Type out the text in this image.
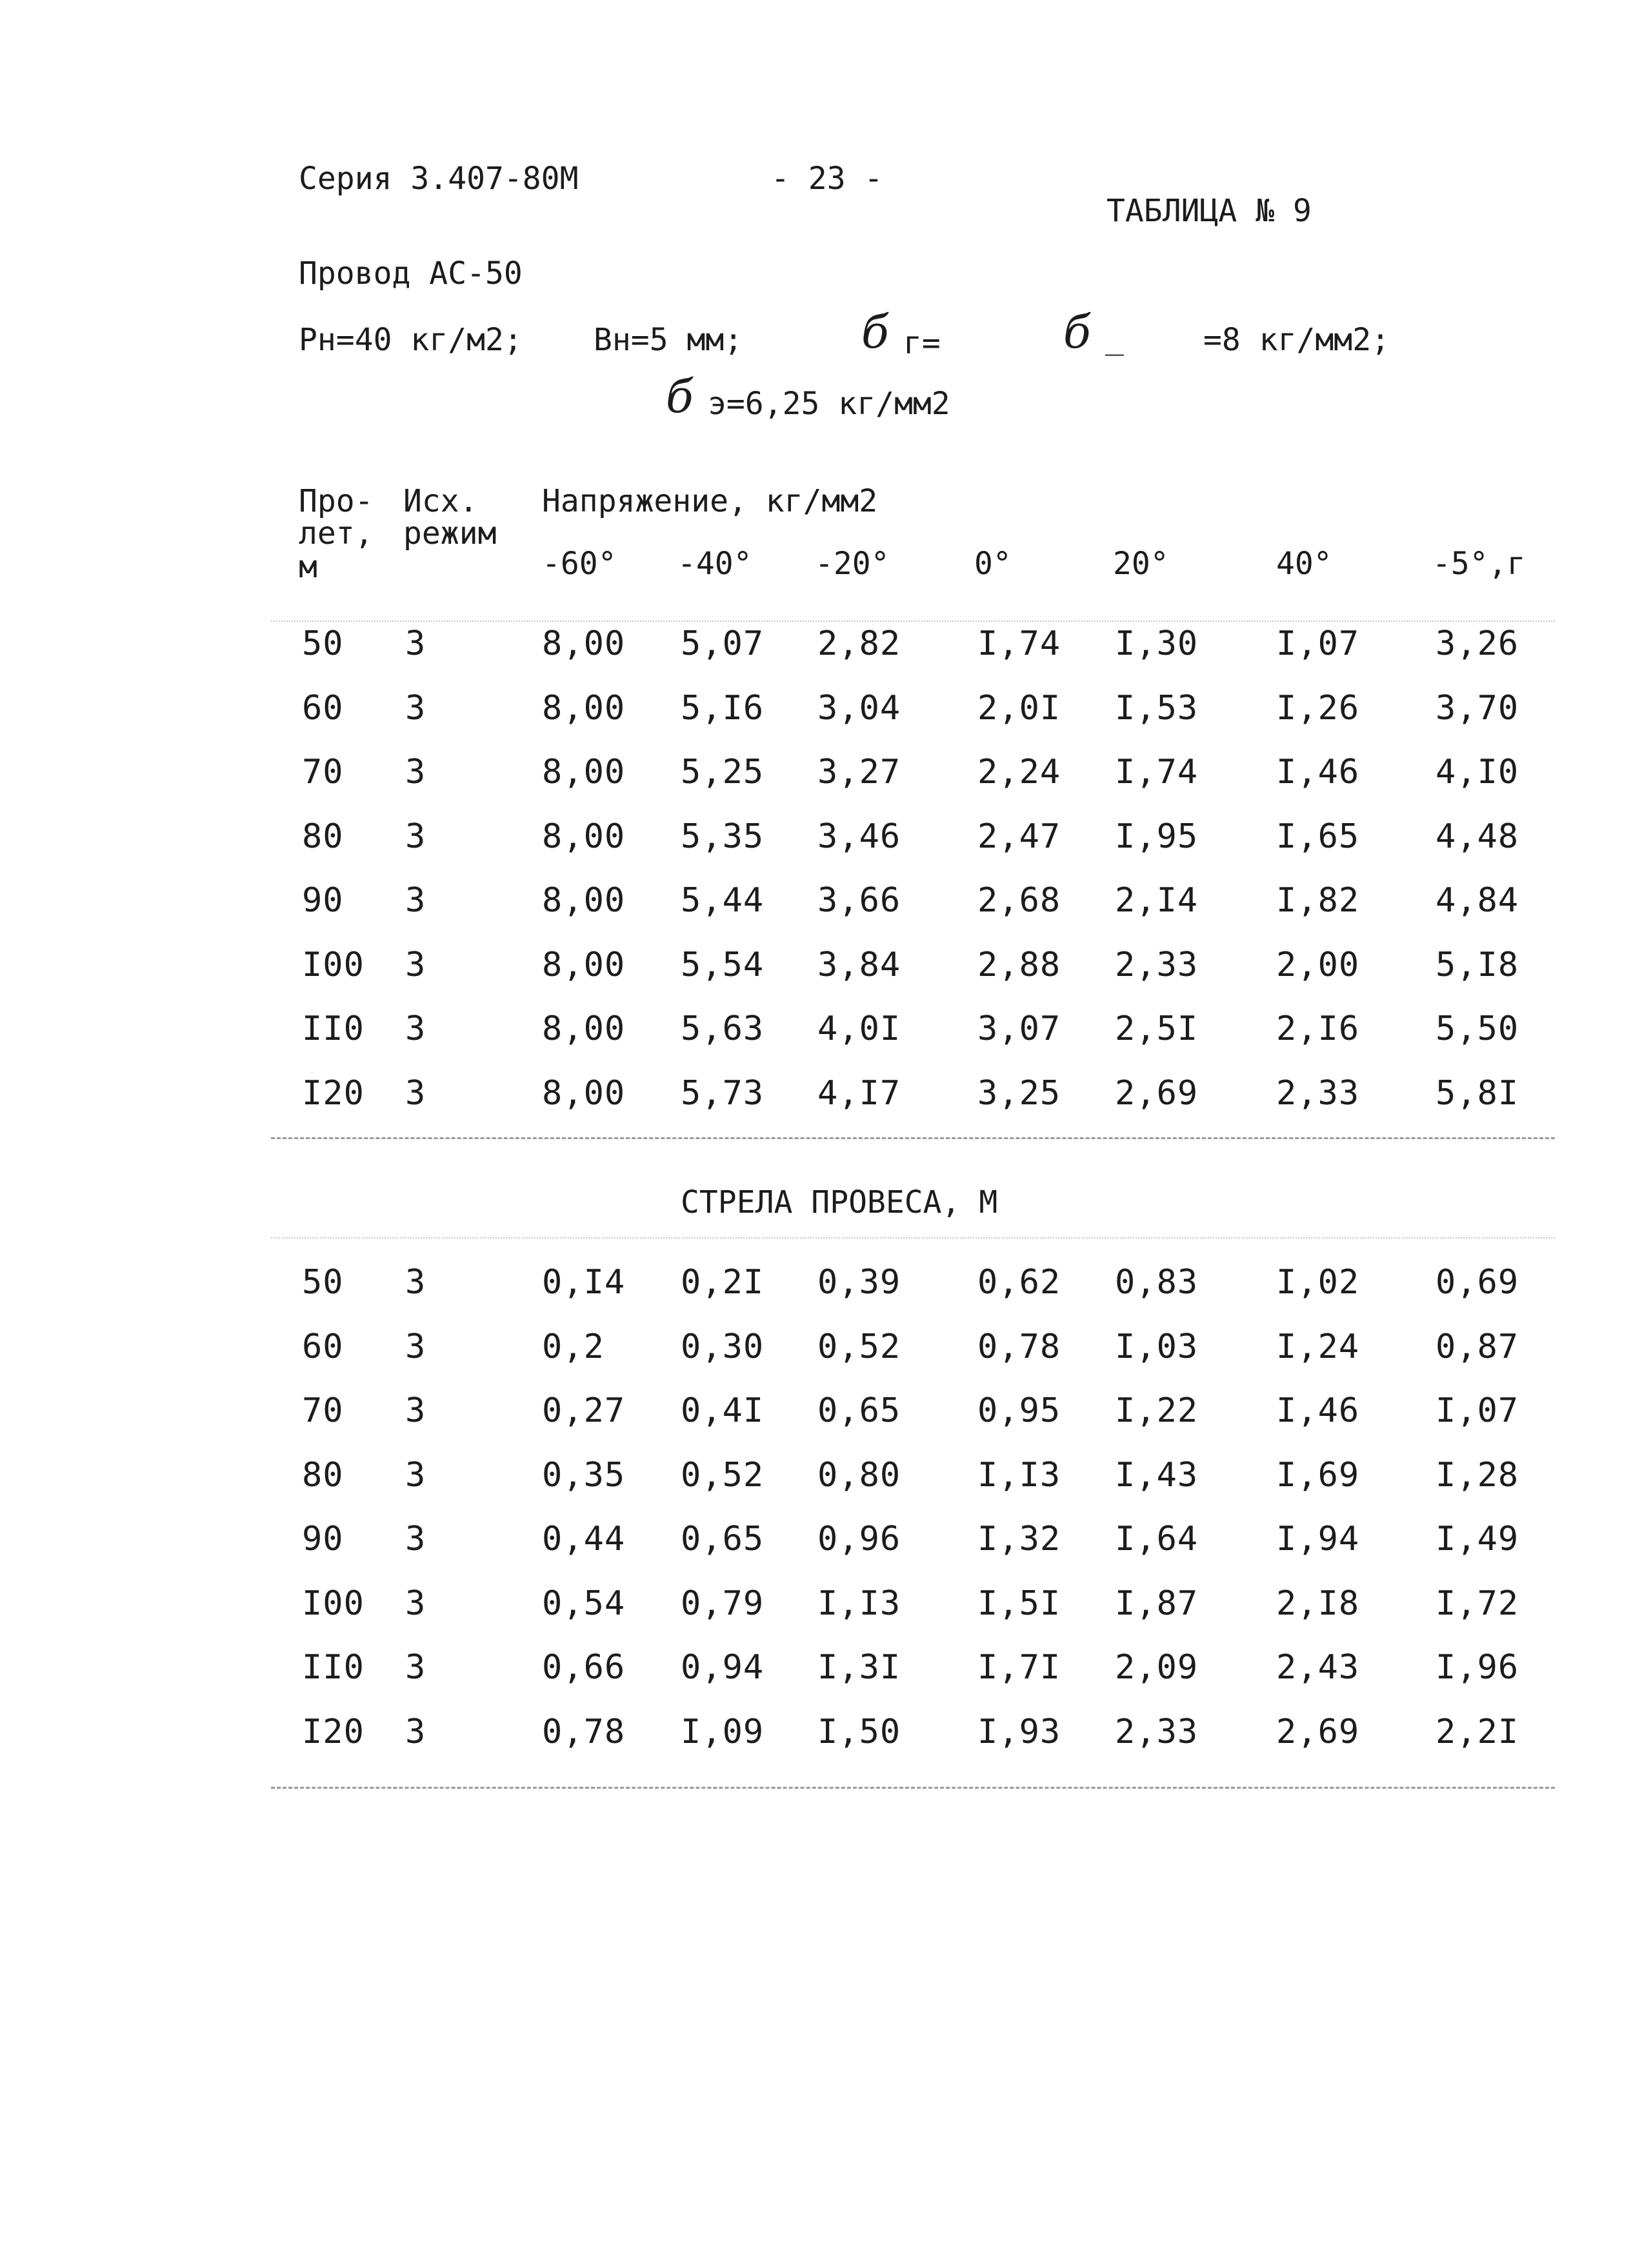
Серия 3.407-80М	- 23 -
ТАБЛИЦА № 9
Провод АС-50
Рн=40 кг/м2; Вн=5 мм;	б г=	б _	=8 кг/мм2;
б э=6,25 кг/мм2
Про-
лет,
м
Исх.
режим
Напряжение, кг/мм2
-60° -40° -20°	0°	20°	40°	-5°,г
50 3	8,00 5,07 2,82 I,74 I,30 I,07 3,26
60 3	8,00 5,I6 3,04 2,0I I,53 I,26 3,70
70 3	8,00 5,25 3,27 2,24 I,74 I,46 4,I0
80 3	8,00 5,35 3,46 2,47 I,95 I,65 4,48
90 3	8,00 5,44 3,66 2,68 2,I4 I,82 4,84
I00 3	8,00 5,54 3,84 2,88 2,33 2,00 5,I8
II0 3	8,00 5,63 4,0I 3,07 2,5I 2,I6 5,50
I20 3	8,00 5,73 4,I7 3,25 2,69 2,33 5,8I
СТРЕЛА ПРОВЕСА, М
50 3	0,I4 0,2I 0,39 0,62 0,83 I,02 0,69
60 3	0,2 0,30 0,52 0,78 I,03 I,24 0,87
70 3	0,27 0,4I 0,65 0,95 I,22 I,46 I,07
80 3	0,35 0,52 0,80 I,I3 I,43 I,69 I,28
90 3	0,44 0,65 0,96 I,32 I,64 I,94 I,49
I00 3	0,54 0,79 I,I3 I,5I I,87 2,I8 I,72
II0 3	0,66 0,94 I,3I I,7I 2,09 2,43 I,96
I20 3	0,78 I,09 I,50 I,93 2,33 2,69 2,2I
